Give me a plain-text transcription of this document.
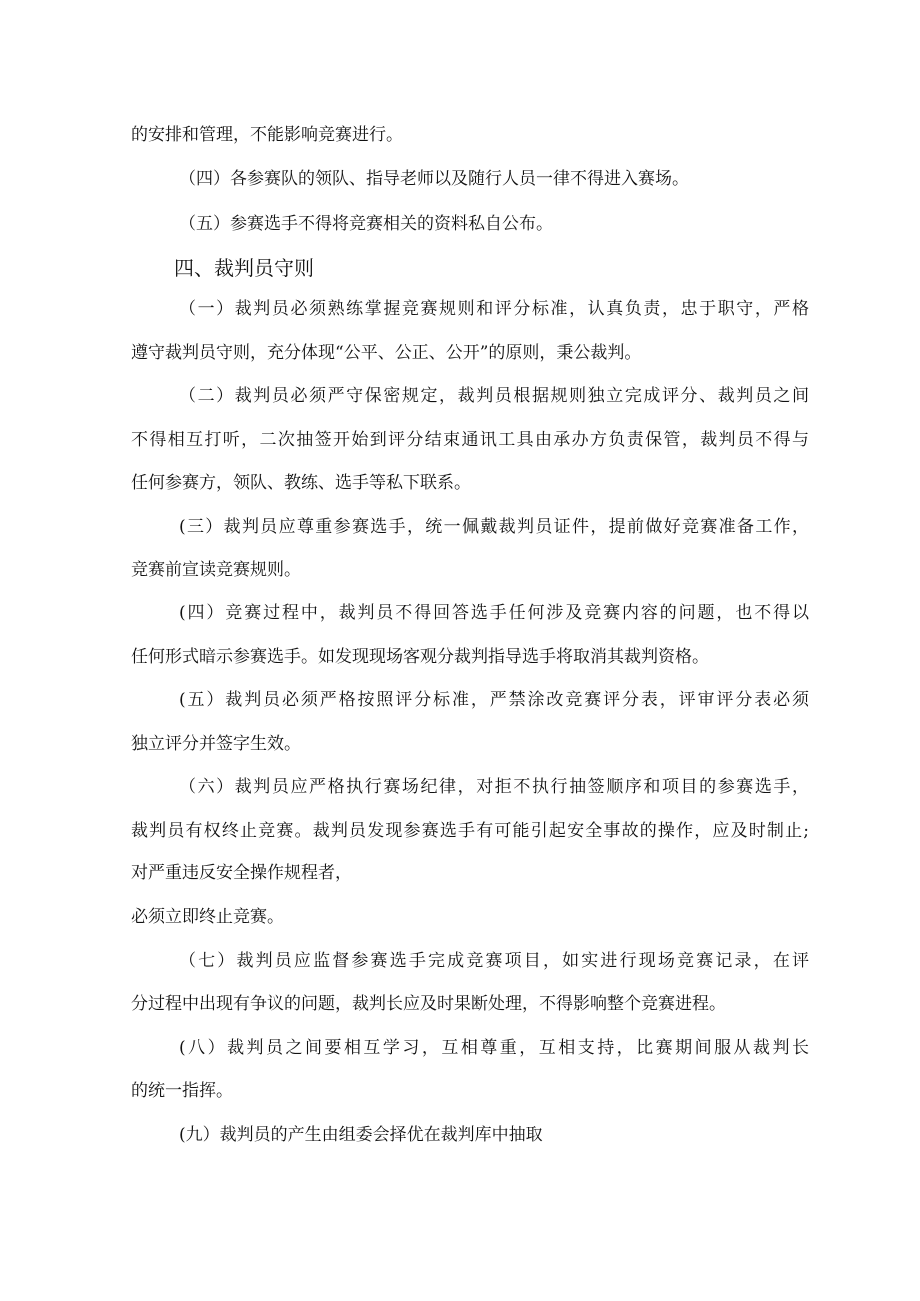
的安排和管理，不能影响竞赛进行。

（四）各参赛队的领队、指导老师以及随行人员一律不得进入赛场。

（五）参赛选手不得将竞赛相关的资料私自公布。

四、裁判员守则

（一）裁判员必须熟练掌握竞赛规则和评分标准，认真负责，忠于职守，严格

遵守裁判员守则，充分体现“公平、公正、公开”的原则，秉公裁判。

（二）裁判员必须严守保密规定，裁判员根据规则独立完成评分、裁判员之间

不得相互打听，二次抽签开始到评分结束通讯工具由承办方负责保管，裁判员不得与

任何参赛方，领队、教练、选手等私下联系。

(三）裁判员应尊重参赛选手，统一佩戴裁判员证件，提前做好竞赛准备工作，

竞赛前宣读竞赛规则。

(四）竞赛过程中，裁判员不得回答选手任何涉及竞赛内容的问题，也不得以

任何形式暗示参赛选手。如发现现场客观分裁判指导选手将取消其裁判资格。

(五）裁判员必须严格按照评分标准，严禁涂改竞赛评分表，评审评分表必须

独立评分并签字生效。

（六）裁判员应严格执行赛场纪律，对拒不执行抽签顺序和项目的参赛选手，

裁判员有权终止竞赛。裁判员发现参赛选手有可能引起安全事故的操作，应及时制止;

对严重违反安全操作规程者，

必须立即终止竞赛。

（七）裁判员应监督参赛选手完成竞赛项目，如实进行现场竞赛记录，在评

分过程中出现有争议的问题，裁判长应及时果断处理，不得影响整个竞赛进程。

(八）裁判员之间要相互学习，互相尊重，互相支持，比赛期间服从裁判长

的统一指挥。

(九）裁判员的产生由组委会择优在裁判库中抽取
